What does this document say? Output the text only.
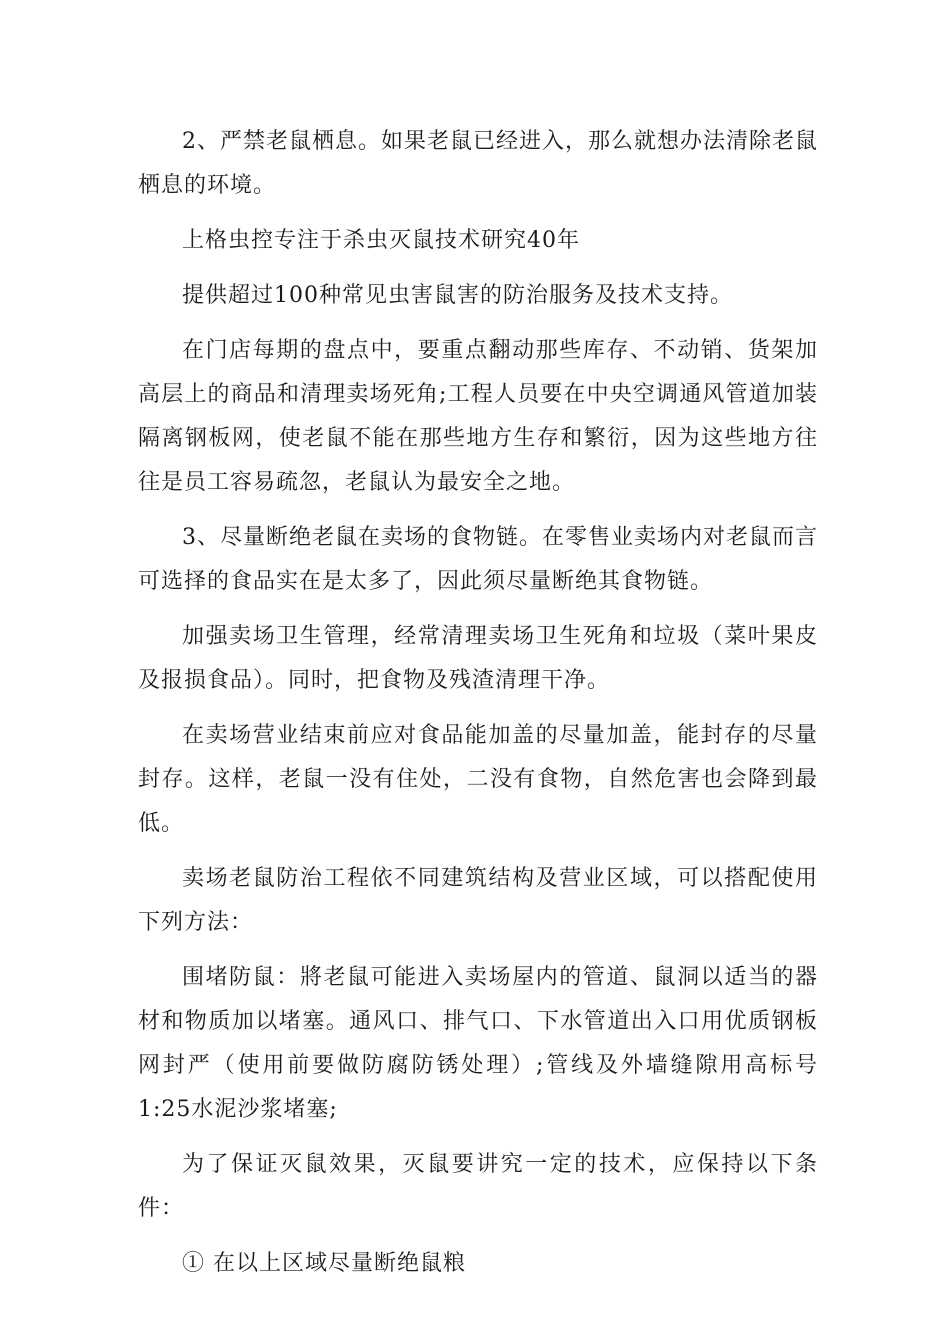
2、严禁老鼠栖息。如果老鼠已经进入，那么就想办法清除老鼠栖息的环境。

上格虫控专注于杀虫灭鼠技术研究40年

提供超过100种常见虫害鼠害的防治服务及技术支持。

在门店每期的盘点中，要重点翻动那些库存、不动销、货架加高层上的商品和清理卖场死角;工程人员要在中央空调通风管道加装隔离钢板网，使老鼠不能在那些地方生存和繁衍，因为这些地方往往是员工容易疏忽，老鼠认为最安全之地。

3、尽量断绝老鼠在卖场的食物链。在零售业卖场内对老鼠而言可选择的食品实在是太多了，因此须尽量断绝其食物链。

加强卖场卫生管理，经常清理卖场卫生死角和垃圾（菜叶果皮及报损食品）。同时，把食物及残渣清理干净。

在卖场营业结束前应对食品能加盖的尽量加盖，能封存的尽量封存。这样，老鼠一没有住处，二没有食物，自然危害也会降到最低。

卖场老鼠防治工程依不同建筑结构及营业区域，可以搭配使用下列方法：

围堵防鼠：將老鼠可能进入卖场屋内的管道、鼠洞以适当的器材和物质加以堵塞。通风口、排气口、下水管道出入口用优质钢板网封严（使用前要做防腐防锈处理）;管线及外墙缝隙用高标号1:25水泥沙浆堵塞;

为了保证灭鼠效果，灭鼠要讲究一定的技术，应保持以下条件：

① 在以上区域尽量断绝鼠粮
